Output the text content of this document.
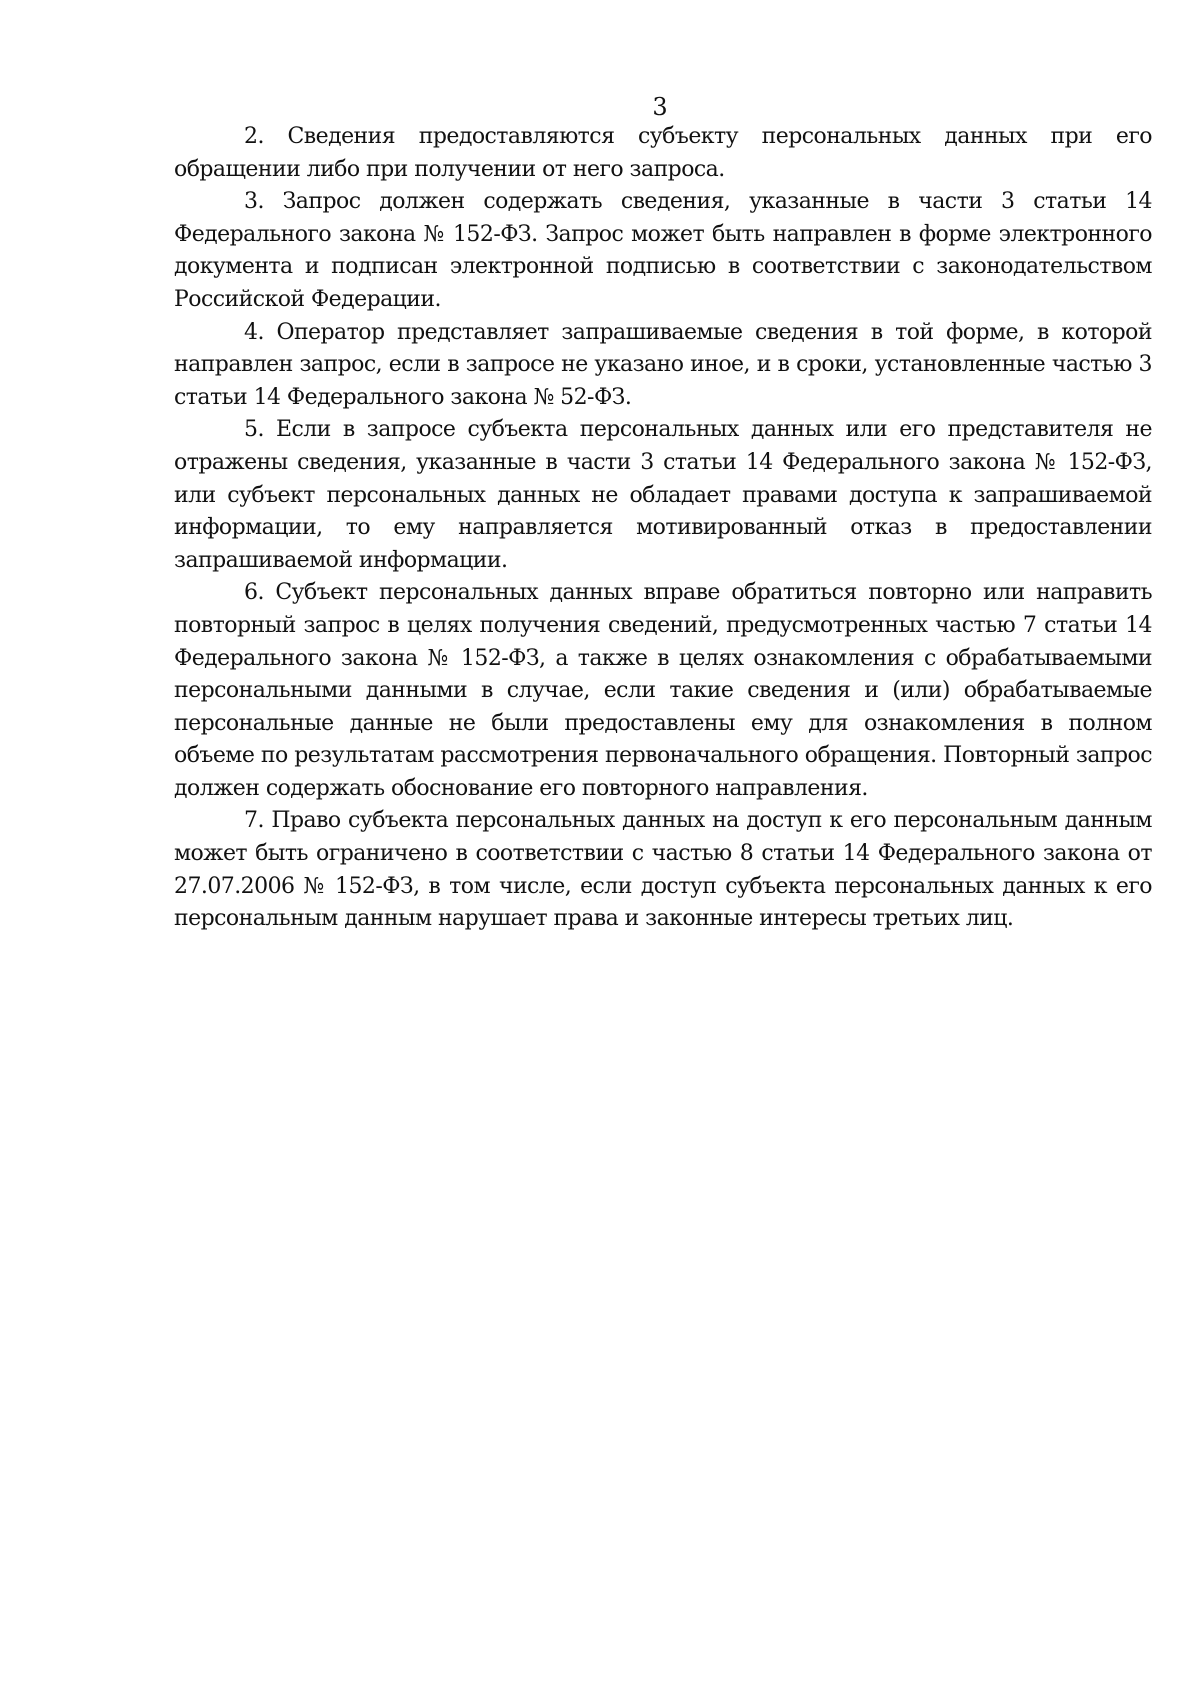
3

2. Сведения предоставляются субъекту персональных данных при его обращении либо при получении от него запроса.

3. Запрос должен содержать сведения, указанные в части 3 статьи 14 Федерального закона № 152-ФЗ. Запрос может быть направлен в форме электронного документа и подписан электронной подписью в соответствии с законодательством Российской Федерации.

4. Оператор представляет запрашиваемые сведения в той форме, в которой направлен запрос, если в запросе не указано иное, и в сроки, установленные частью 3 статьи 14 Федерального закона № 52-ФЗ.

5. Если в запросе субъекта персональных данных или его представителя не отражены сведения, указанные в части 3 статьи 14 Федерального закона № 152-ФЗ, или субъект персональных данных не обладает правами доступа к запрашиваемой информации, то ему направляется мотивированный отказ в предоставлении запрашиваемой информации.

6. Субъект персональных данных вправе обратиться повторно или направить повторный запрос в целях получения сведений, предусмотренных частью 7 статьи 14 Федерального закона № 152-ФЗ, а также в целях ознакомления с обрабатываемыми персональными данными в случае, если такие сведения и (или) обрабатываемые персональные данные не были предоставлены ему для ознакомления в полном объеме по результатам рассмотрения первоначального обращения. Повторный запрос должен содержать обоснование его повторного направления.

7. Право субъекта персональных данных на доступ к его персональным данным может быть ограничено в соответствии с частью 8 статьи 14 Федерального закона от 27.07.2006 № 152-ФЗ, в том числе, если доступ субъекта персональных данных к его персональным данным нарушает права и законные интересы третьих лиц.
